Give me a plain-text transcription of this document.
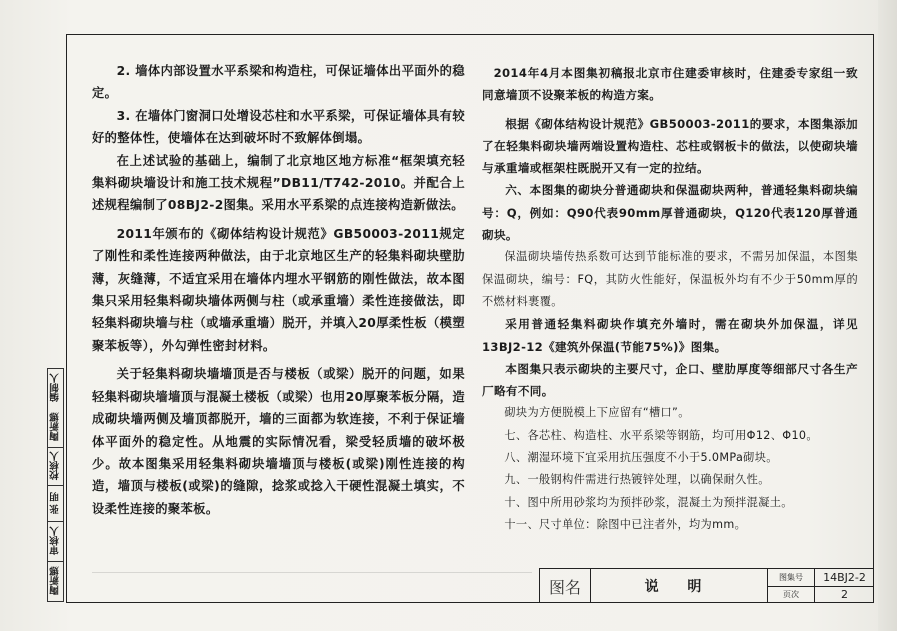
2. 墙体内部设置水平系梁和构造柱，可保证墙体出平面外的稳定。

3. 在墙体门窗洞口处增设芯柱和水平系梁，可保证墙体具有较好的整体性，使墙体在达到破坏时不致解体倒塌。

在上述试验的基础上，编制了北京地区地方标准“框架填充轻集料砌块墙设计和施工技术规程”DB11/T742-2010。并配合上述规程编制了08BJ2-2图集。采用水平系梁的点连接构造新做法。

2011年颁布的《砌体结构设计规范》GB50003-2011规定了刚性和柔性连接两种做法，由于北京地区生产的轻集料砌块壁肋薄，灰缝薄，不适宜采用在墙体内埋水平钢筋的刚性做法，故本图集只采用轻集料砌块墙体两侧与柱（或承重墙）柔性连接做法，即轻集料砌块墙与柱（或墙承重墙）脱开，并填入20厚柔性板（模塑聚苯板等），外勾弹性密封材料。

关于轻集料砌块墙墙顶是否与楼板（或梁）脱开的问题，如果轻集料砌块墙墙顶与混凝土楼板（或梁）也用20厚聚苯板分隔，造成砌块墙两侧及墙顶都脱开，墙的三面都为软连接，不利于保证墙体平面外的稳定性。从地震的实际情况看，梁受轻质墙的破坏极少。故本图集采用轻集料砌块墙墙顶与楼板(或梁)刚性连接的构造，墙顶与楼板(或梁)的缝隙，捻浆或捻入干硬性混凝土填实，不设柔性连接的聚苯板。

2014年4月本图集初稿报北京市住建委审核时，住建委专家组一致同意墙顶不设聚苯板的构造方案。

根据《砌体结构设计规范》GB50003-2011的要求，本图集添加了在轻集料砌块墙两端设置构造柱、芯柱或钢板卡的做法，以使砌块墙与承重墙或框架柱既脱开又有一定的拉结。

六、本图集的砌块分普通砌块和保温砌块两种，普通轻集料砌块编号：Q，例如：Q90代表90mm厚普通砌块，Q120代表120厚普通砌块。

保温砌块墙传热系数可达到节能标准的要求，不需另加保温，本图集保温砌块，编号：FQ，其防火性能好，保温板外均有不少于50mm厚的不燃材料裹覆。

采用普通轻集料砌块作填充外墙时，需在砌块外加保温，详见13BJ2-12《建筑外保温(节能75%)》图集。

本图集只表示砌块的主要尺寸，企口、壁肋厚度等细部尺寸各生产厂略有不同。

砌块为方便脱模上下应留有“槽口”。

七、各芯柱、构造柱、水平系梁等钢筋，均可用Φ12、Φ10。

八、潮湿环境下宜采用抗压强度不小于5.0MPa砌块。

九、一般钢构件需进行热镀锌处理，以确保耐久性。

十、图中所用砂浆均为预拌砂浆，混凝土为预拌混凝土。

十一、尺寸单位：除图中已注者外，均为mm。

编制人
陶新娜
校核人
张 明
审核人
陶新娜	图名	说 明
图集号	14BJ2-2
页次	2
